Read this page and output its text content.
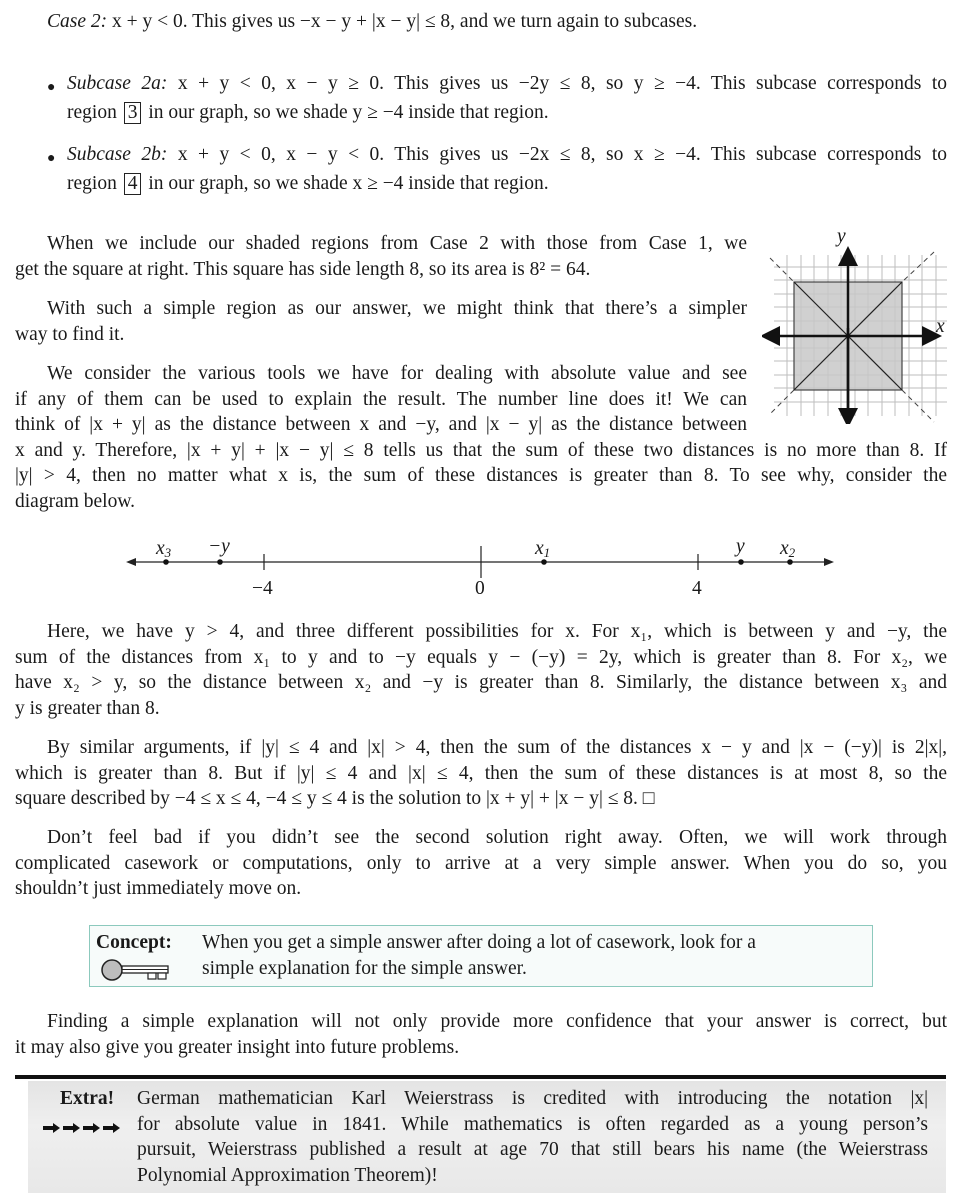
Case 2: x + y < 0. This gives us −x − y + |x − y| ≤ 8, and we turn again to subcases.
● Subcase 2a: x + y < 0, x − y ≥ 0. This gives us −2y ≤ 8, so y ≥ −4. This subcase corresponds to
region 3 in our graph, so we shade y ≥ −4 inside that region.
● Subcase 2b: x + y < 0, x − y < 0. This gives us −2x ≤ 8, so x ≥ −4. This subcase corresponds to
region 4 in our graph, so we shade x ≥ −4 inside that region.
When we include our shaded regions from Case 2 with those from Case 1, we
get the square at right. This square has side length 8, so its area is 8² = 64.
With such a simple region as our answer, we might think that there’s a simpler
way to find it.
We consider the various tools we have for dealing with absolute value and see
if any of them can be used to explain the result. The number line does it! We can
think of |x + y| as the distance between x and −y, and |x − y| as the distance between
x and y. Therefore, |x + y| + |x − y| ≤ 8 tells us that the sum of these two distances is no more than 8. If
|y| > 4, then no matter what x is, the sum of these distances is greater than 8. To see why, consider the
diagram below.
y
x
−4	0	4
$x_3 -y$	$x_1$	y $x_2$
Here, we have y > 4, and three different possibilities for x. For x₁, which is between y and −y, the
sum of the distances from x₁ to y and to −y equals y − (−y) = 2y, which is greater than 8. For x₂, we
have x₂ > y, so the distance between x₂ and −y is greater than 8. Similarly, the distance between x₃ and
y is greater than 8.
By similar arguments, if |y| ≤ 4 and |x| > 4, then the sum of the distances x − y and |x − (−y)| is 2|x|,
which is greater than 8. But if |y| ≤ 4 and |x| ≤ 4, then the sum of these distances is at most 8, so the
square described by −4 ≤ x ≤ 4, −4 ≤ y ≤ 4 is the solution to |x + y| + |x − y| ≤ 8. □
Don’t feel bad if you didn’t see the second solution right away. Often, we will work through
complicated casework or computations, only to arrive at a very simple answer. When you do so, you
shouldn’t just immediately move on.
Concept: When you get a simple answer after doing a lot of casework, look for a
simple explanation for the simple answer.
Finding a simple explanation will not only provide more confidence that your answer is correct, but
it may also give you greater insight into future problems.
Extra! German mathematician Karl Weierstrass is credited with introducing the notation |x|
for absolute value in 1841. While mathematics is often regarded as a young person’s
pursuit, Weierstrass published a result at age 70 that still bears his name (the Weierstrass
Polynomial Approximation Theorem)!
